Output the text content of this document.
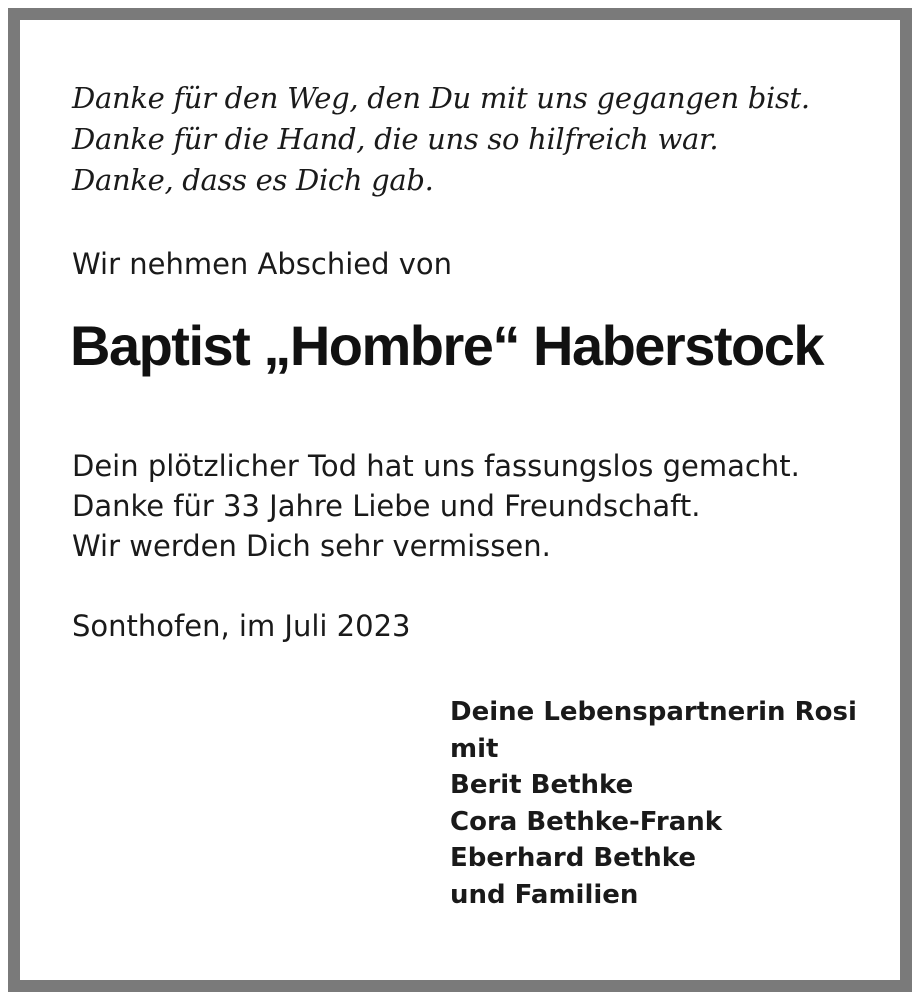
Danke für den Weg, den Du mit uns gegangen bist.
Danke für die Hand, die uns so hilfreich war.
Danke, dass es Dich gab.
Wir nehmen Abschied von
Baptist „Hombre“ Haberstock
Dein plötzlicher Tod hat uns fassungslos gemacht.
Danke für 33 Jahre Liebe und Freundschaft.
Wir werden Dich sehr vermissen.
Sonthofen, im Juli 2023
Deine Lebenspartnerin Rosi
mit
Berit Bethke
Cora Bethke-Frank
Eberhard Bethke
und Familien
